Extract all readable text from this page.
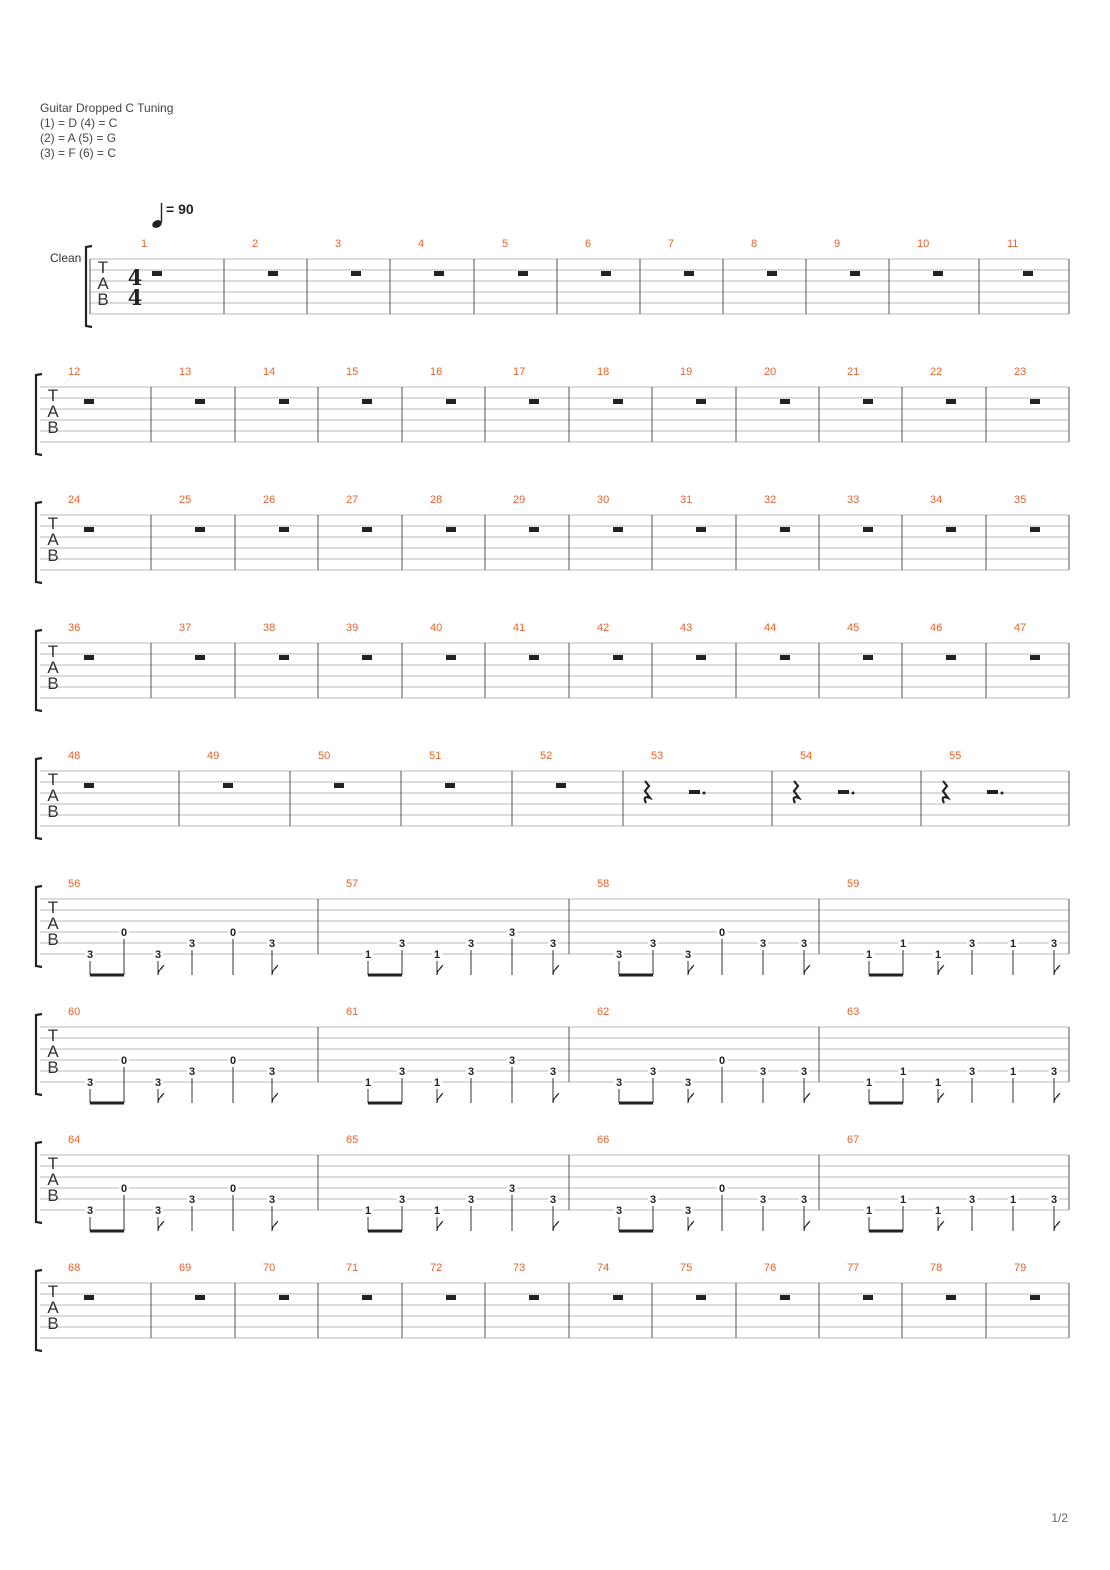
Guitar Dropped C Tuning
(1) = D (4) = C
(2) = A (5) = G
(3) = F (6) = C
= 90
Clean T
A
B
4
4
1	2	3	4	5	6	7	8	9	10	11
T
A
B
12	13	14	15	16	17	18	19	20	21	22	23
T
A
B
24	25	26	27	28	29	30	31	32	33	34	35
T
A
B
36	37	38	39	40	41	42	43	44	45	46	47
T
A
B
48	49	50	51	52	53	54	55
T
A
B
56
3
0
3
3
0
3
57
1
3
1
3
3
3
58
3
3
3
0
3	3
59
1
1
1
3	1	3
T
A
B
60
3
0
3
3
0
3
61
1
3
1
3
3
3
62
3
3
3
0
3	3
63
1
1
1
3	1	3
T
A
B
64
3
0
3
3
0
3
65
1
3
1
3
3
3
66
3
3
3
0
3	3
67
1
1
1
3	1	3
T
A
B
68	69	70	71	72	73	74	75	76	77	78	79
1/2
